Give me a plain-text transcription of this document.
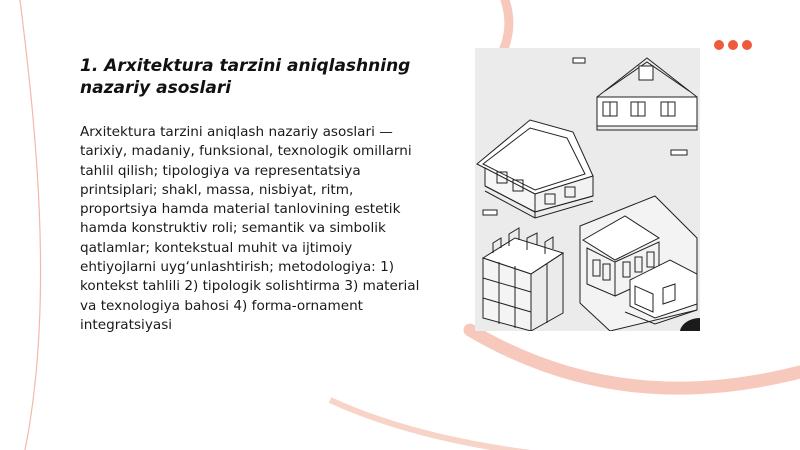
1. Arxitektura tarzini aniqlashning nazariy asoslari
Arxitektura tarzini aniqlash nazariy asoslari — tarixiy, madaniy, funksional, texnologik omillarni tahlil qilish; tipologiya va representatsiya printsiplari; shakl, massa, nisbiyat, ritm, proportsiya hamda material tanlovining estetik hamda konstruktiv roli; semantik va simbolik qatlamlar; kontekstual muhit va ijtimoiy ehtiyojlarni uyg‘unlashtirish; metodologiya: 1) kontekst tahlili 2) tipologik solishtirma 3) material va texnologiya bahosi 4) forma-ornament integratsiyasi
